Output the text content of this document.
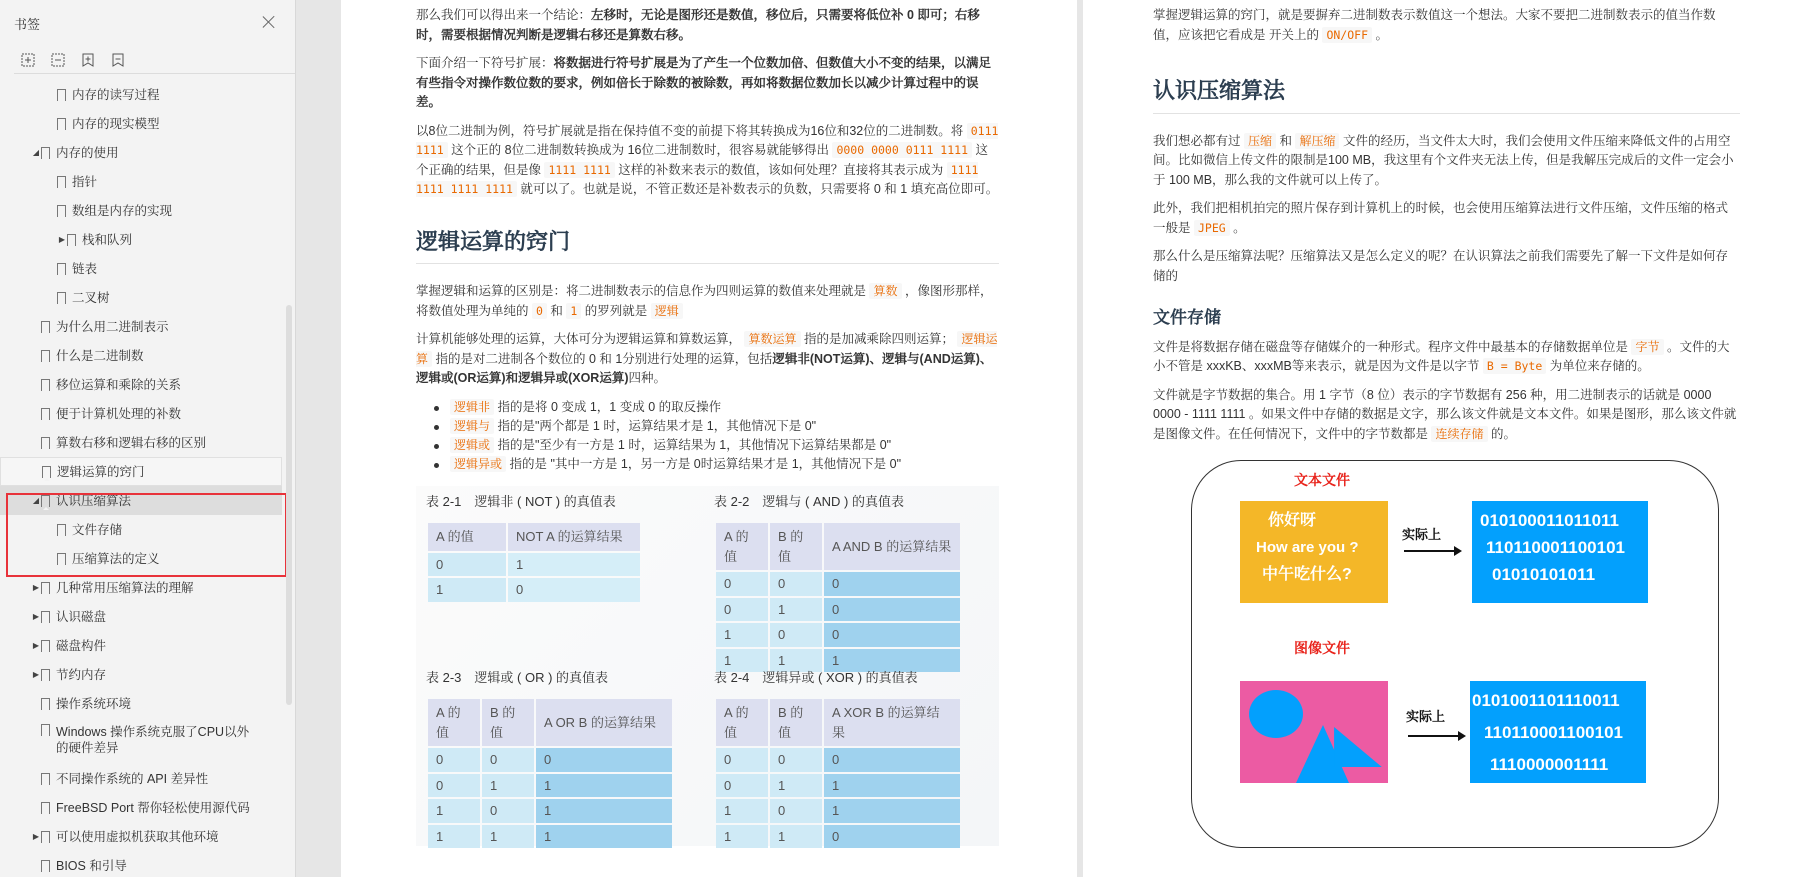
书签
内存的读写过程
内存的现实模型
◢ 内存的使用
指针
数组是内存的实现
▶ 栈和队列
链表
二叉树
为什么用二进制表示
什么是二进制数
移位运算和乘除的关系
便于计算机处理的补数
算数右移和逻辑右移的区别
逻辑运算的窍门
◢ 认识压缩算法
文件存储
压缩算法的定义
▶ 几种常用压缩算法的理解
▶ 认识磁盘
▶ 磁盘构件
▶ 节约内存
操作系统环境
Windows 操作系统克服了CPU以外的硬件差异
不同操作系统的 API 差异性
FreeBSD Port 帮你轻松使用源代码
▶ 可以使用虚拟机获取其他环境
BIOS 和引导

那么我们可以得出来一个结论：左移时，无论是图形还是数值，移位后，只需要将低位补 0 即可；右移时，需要根据情况判断是逻辑右移还是算数右移。

下面介绍一下符号扩展：将数据进行符号扩展是为了产生一个位数加倍、但数值大小不变的结果，以满足有些指令对操作数位数的要求，例如倍长于除数的被除数，再如将数据位数加长以减少计算过程中的误差。

以8位二进制为例，符号扩展就是指在保持值不变的前提下将其转换成为16位和32位的二进制数。将 0111 1111 这个正的 8位二进制数转换成为 16位二进制数时，很容易就能够得出 0000 0000 0111 1111 这个正确的结果，但是像 1111 1111 这样的补数来表示的数值，该如何处理？直接将其表示成为 1111 1111 1111 1111 就可以了。也就是说，不管正数还是补数表示的负数，只需要将 0 和 1 填充高位即可。

逻辑运算的窍门

掌握逻辑和运算的区别是：将二进制数表示的信息作为四则运算的数值来处理就是 算数 ，像图形那样，将数值处理为单纯的 0 和 1 的罗列就是 逻辑

计算机能够处理的运算，大体可分为逻辑运算和算数运算， 算数运算 指的是加减乘除四则运算； 逻辑运算 指的是对二进制各个数位的 0 和 1分别进行处理的运算，包括逻辑非(NOT运算)、逻辑与(AND运算)、逻辑或(OR运算)和逻辑异或(XOR运算)四种。

逻辑非 指的是将 0 变成 1，1 变成 0 的取反操作
逻辑与 指的是"两个都是 1 时，运算结果才是 1，其他情况下是 0"
逻辑或 指的是"至少有一方是 1 时，运算结果为 1，其他情况下运算结果都是 0"
逻辑异或 指的是 "其中一方是 1，另一方是 0时运算结果才是 1，其他情况下是 0"
表 2-1　逻辑非 ( NOT ) 的真值表
A 的值	NOT A 的运算结果
0	1
1	0
表 2-2　逻辑与 ( AND ) 的真值表
A 的值	B 的值	A AND B 的运算结果
0	0	0
0	1	0
1	0	0
1	1	1
表 2-3　逻辑或 ( OR ) 的真值表
A 的值	B 的值	A OR B 的运算结果
0	0	0
0	1	1
1	0	1
1	1	1
表 2-4　逻辑异或 ( XOR ) 的真值表
A 的值	B 的值	A XOR B 的运算结果
0	0	0
0	1	1
1	0	1
1	1	0

掌握逻辑运算的窍门，就是要摒弃二进制数表示数值这一个想法。大家不要把二进制数表示的值当作数值，应该把它看成是 开关上的 ON/OFF 。

认识压缩算法

我们想必都有过 压缩 和 解压缩 文件的经历，当文件太大时，我们会使用文件压缩来降低文件的占用空间。比如微信上传文件的限制是100 MB，我这里有个文件夹无法上传，但是我解压完成后的文件一定会小于 100 MB，那么我的文件就可以上传了。

此外，我们把相机拍完的照片保存到计算机上的时候，也会使用压缩算法进行文件压缩，文件压缩的格式一般是 JPEG 。

那么什么是压缩算法呢？压缩算法又是怎么定义的呢？在认识算法之前我们需要先了解一下文件是如何存储的

文件存储

文件是将数据存储在磁盘等存储媒介的一种形式。程序文件中最基本的存储数据单位是 字节 。文件的大小不管是 xxxKB、xxxMB等来表示，就是因为文件是以字节 B = Byte 为单位来存储的。

文件就是字节数据的集合。用 1 字节（8 位）表示的字节数据有 256 种，用二进制表示的话就是 0000 0000 - 1111 1111 。如果文件中存储的数据是文字，那么该文件就是文本文件。如果是图形，那么该文件就是图像文件。在任何情况下，文件中的字节数都是 连续存储 的。

文本文件
你好呀
How are you ?
中午吃什么?
实际上
010100011011011
110110001100101
01010101011
图像文件
实际上
0101001101110011
110110001100101
1110000001111
